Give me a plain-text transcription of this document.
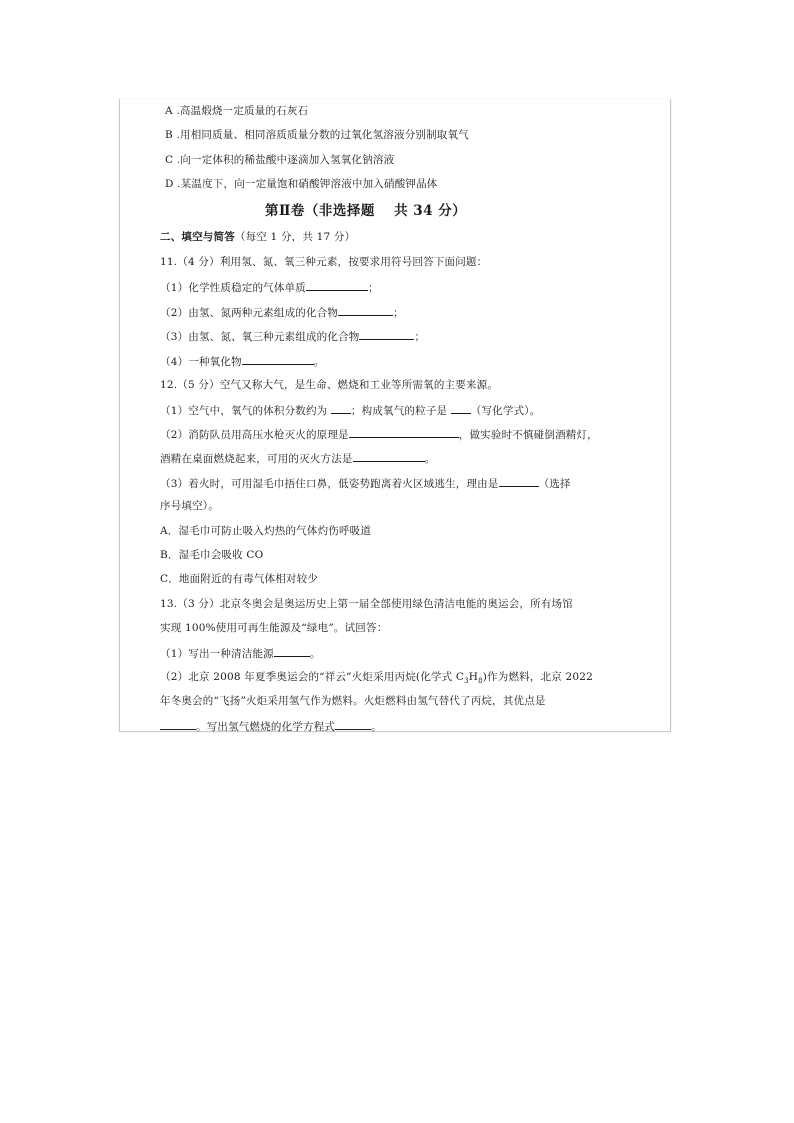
A .高温煅烧一定质量的石灰石
B .用相同质量、相同溶质质量分数的过氧化氢溶液分别制取氧气
C .向一定体积的稀盐酸中逐滴加入氢氧化钠溶液
D .某温度下，向一定量饱和硝酸钾溶液中加入硝酸钾晶体
第Ⅱ卷（非选择题　 共 34 分）
二、填空与简答（每空 1 分，共 17 分）
11.（4 分）利用氢、氮、氧三种元素，按要求用符号回答下面问题：
（1）化学性质稳定的气体单质	；
（2）由氢、氮两种元素组成的化合物	；
（3）由氢、氮、氧三种元素组成的化合物	；
（4）一种氧化物	。
12.（5 分）空气又称大气，是生命、燃烧和工业等所需氧的主要来源。
（1）空气中，氧气的体积分数约为 ；构成氧气的粒子是 （写化学式）。
（2）消防队员用高压水枪灭火的原理是	，做实验时不慎碰倒酒精灯，
酒精在桌面燃烧起来，可用的灭火方法是	。
（3）着火时，可用湿毛巾捂住口鼻，低姿势跑离着火区域逃生，理由是	（选择
序号填空）。
A．湿毛巾可防止吸入灼热的气体灼伤呼吸道
B．湿毛巾会吸收 CO
C．地面附近的有毒气体相对较少
13.（3 分）北京冬奥会是奥运历史上第一届全部使用绿色清洁电能的奥运会，所有场馆
实现 100%使用可再生能源及“绿电”。试回答：
（1）写出一种清洁能源	。
（2）北京 2008 年夏季奥运会的“祥云”火炬采用丙烷(化学式 $C_3H_8$)作为燃料，北京 2022
年冬奥会的“飞扬”火炬采用氢气作为燃料。火炬燃料由氢气替代了丙烷，其优点是
。写出氢气燃烧的化学方程式	。
